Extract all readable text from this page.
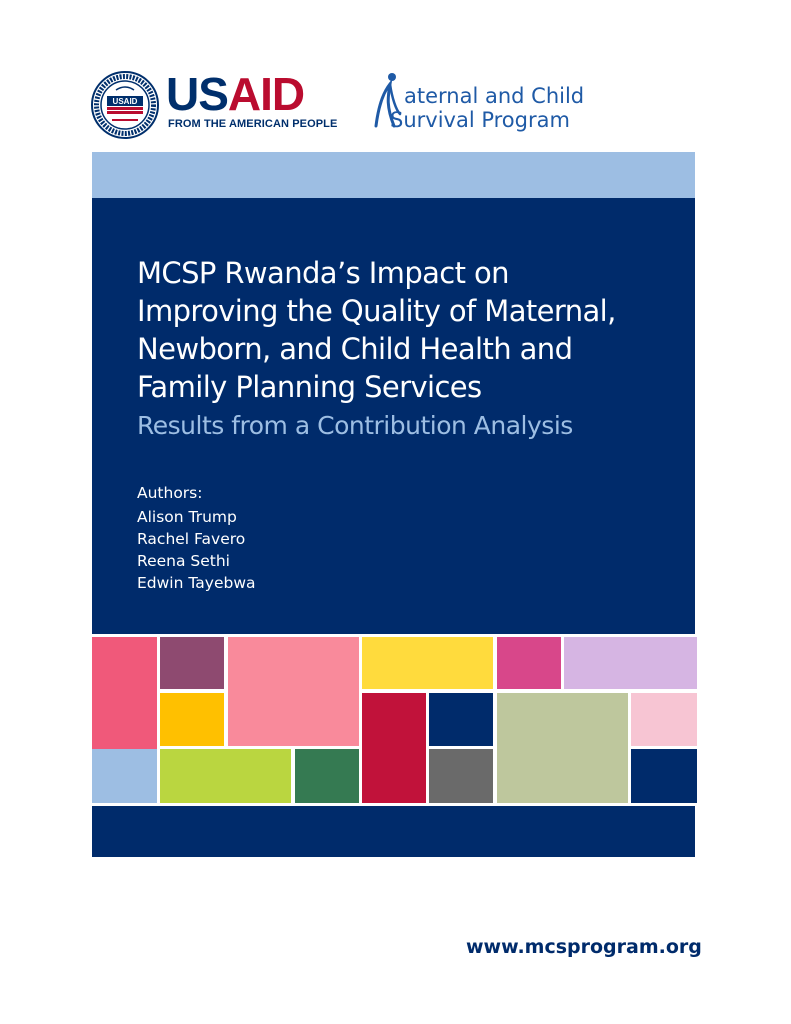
USAID USAID
FROM THE AMERICAN PEOPLE
aternal and Child
Survival Program
MCSP Rwanda’s Impact on
Improving the Quality of Maternal,
Newborn, and Child Health and
Family Planning Services
Results from a Contribution Analysis
Authors:
Alison Trump
Rachel Favero
Reena Sethi
Edwin Tayebwa
www.mcsprogram.org
